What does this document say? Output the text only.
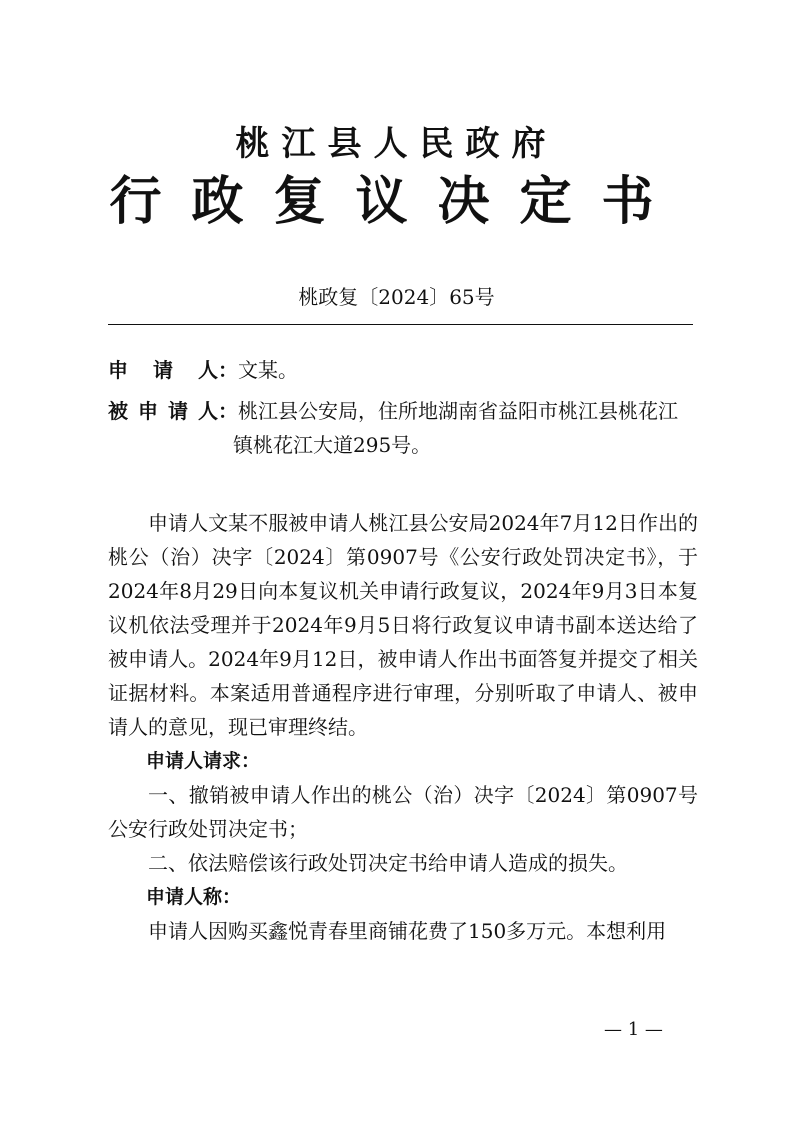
桃江县人民政府
行政复议决定书
桃政复〔2024〕65号
申请人：文某。
被申请人：桃江县公安局，住所地湖南省益阳市桃江县桃花江
镇桃花江大道295号。

申请人文某不服被申请人桃江县公安局2024年7月12日作出的桃公（治）决字〔2024〕第0907号《公安行政处罚决定书》，于2024年8月29日向本复议机关申请行政复议，2024年9月3日本复议机依法受理并于2024年9月5日将行政复议申请书副本送达给了被申请人。2024年9月12日，被申请人作出书面答复并提交了相关证据材料。本案适用普通程序进行审理，分别听取了申请人、被申请人的意见，现已审理终结。

申请人请求：

一、撤销被申请人作出的桃公（治）决字〔2024〕第0907号公安行政处罚决定书；

二、依法赔偿该行政处罚决定书给申请人造成的损失。

申请人称：

申请人因购买鑫悦青春里商铺花费了150多万元。本想利用

— 1 —
